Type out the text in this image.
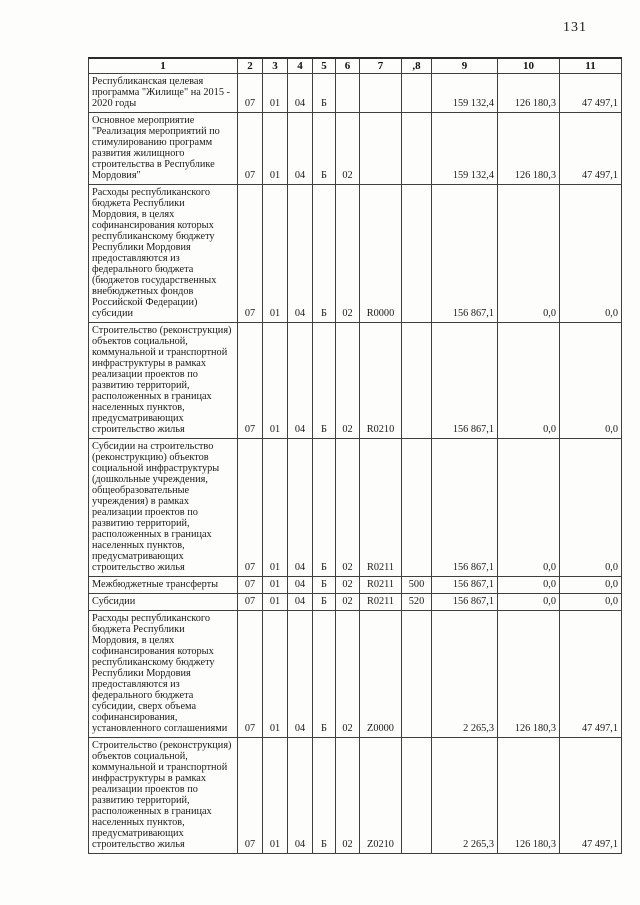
131
1	2	3	4	5	6	7	,8	9	10	11
Республиканская целевая программа "Жилище" на 2015 - 2020 годы	07	01	04	Б				159 132,4	126 180,3	47 497,1
Основное мероприятие "Реализация мероприятий по стимулированию программ развития жилищного строительства в Республике Мордовия"	07	01	04	Б	02			159 132,4	126 180,3	47 497,1
Расходы республиканского бюджета Республики Мордовия, в целях софинансирования которых республиканскому бюджету Республики Мордовия предоставляются из федерального бюджета (бюджетов государственных внебюджетных фондов Российской Федерации) субсидии	07	01	04	Б	02	R0000		156 867,1	0,0	0,0
Строительство (реконструкция) объектов социальной, коммунальной и транспортной инфраструктуры в рамках реализации проектов по развитию территорий, расположенных в границах населенных пунктов, предусматривающих строительство жилья	07	01	04	Б	02	R0210		156 867,1	0,0	0,0
Субсидии на строительство (реконструкцию) объектов социальной инфраструктуры (дошкольные учреждения, общеобразовательные учреждения) в рамках реализации проектов по развитию территорий, расположенных в границах населенных пунктов, предусматривающих строительство жилья	07	01	04	Б	02	R0211		156 867,1	0,0	0,0
Межбюджетные трансферты	07	01	04	Б	02	R0211	500	156 867,1	0,0	0,0
Субсидии	07	01	04	Б	02	R0211	520	156 867,1	0,0	0,0
Расходы республиканского бюджета Республики Мордовия, в целях софинансирования которых республиканскому бюджету Республики Мордовия предоставляются из федерального бюджета субсидии, сверх объема софинансирования, установленного соглашениями	07	01	04	Б	02	Z0000		2 265,3	126 180,3	47 497,1
Строительство (реконструкция) объектов социальной, коммунальной и транспортной инфраструктуры в рамках реализации проектов по развитию территорий, расположенных в границах населенных пунктов, предусматривающих строительство жилья	07	01	04	Б	02	Z0210		2 265,3	126 180,3	47 497,1
